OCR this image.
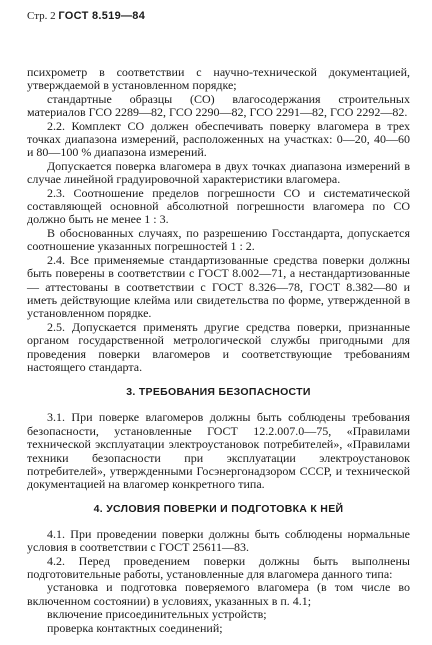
Стр. 2 ГОСТ 8.519—84

психрометр в соответствии с научно-технической документацией, утверждаемой в установленном порядке;

стандартные образцы (СО) влагосодержания строительных материалов ГСО 2289—82, ГСО 2290—82, ГСО 2291—82, ГСО 2292—82.

2.2. Комплект СО должен обеспечивать поверку влагомера в трех точках диапазона измерений, расположенных на участках: 0—20, 40—60 и 80—100 % диапазона измерений.

Допускается поверка влагомера в двух точках диапазона измерений в случае линейной градуировочной характеристики влагомера.

2.3. Соотношение пределов погрешности СО и систематической составляющей основной абсолютной погрешности влагомера по СО должно быть не менее 1 : 3.

В обоснованных случаях, по разрешению Госстандарта, допускается соотношение указанных погрешностей 1 : 2.

2.4. Все применяемые стандартизованные средства поверки должны быть поверены в соответствии с ГОСТ 8.002—71, а нестандартизованные — аттестованы в соответствии с ГОСТ 8.326—78, ГОСТ 8.382—80 и иметь действующие клейма или свидетельства по форме, утвержденной в установленном порядке.

2.5. Допускается применять другие средства поверки, признанные органом государственной метрологической службы пригодными для проведения поверки влагомеров и соответствующие требованиям настоящего стандарта.

3. ТРЕБОВАНИЯ БЕЗОПАСНОСТИ

3.1. При поверке влагомеров должны быть соблюдены требования безопасности, установленные ГОСТ 12.2.007.0—75, «Правилами технической эксплуатации электроустановок потребителей», «Правилами техники безопасности при эксплуатации электроустановок потребителей», утвержденными Госэнергонадзором СССР, и технической документацией на влагомер конкретного типа.

4. УСЛОВИЯ ПОВЕРКИ И ПОДГОТОВКА К НЕЙ

4.1. При проведении поверки должны быть соблюдены нормальные условия в соответствии с ГОСТ 25611—83.

4.2. Перед проведением поверки должны быть выполнены подготовительные работы, установленные для влагомера данного типа:

установка и подготовка поверяемого влагомера (в том числе во включенном состоянии) в условиях, указанных в п. 4.1;

включение присоединительных устройств;

проверка контактных соединений;
